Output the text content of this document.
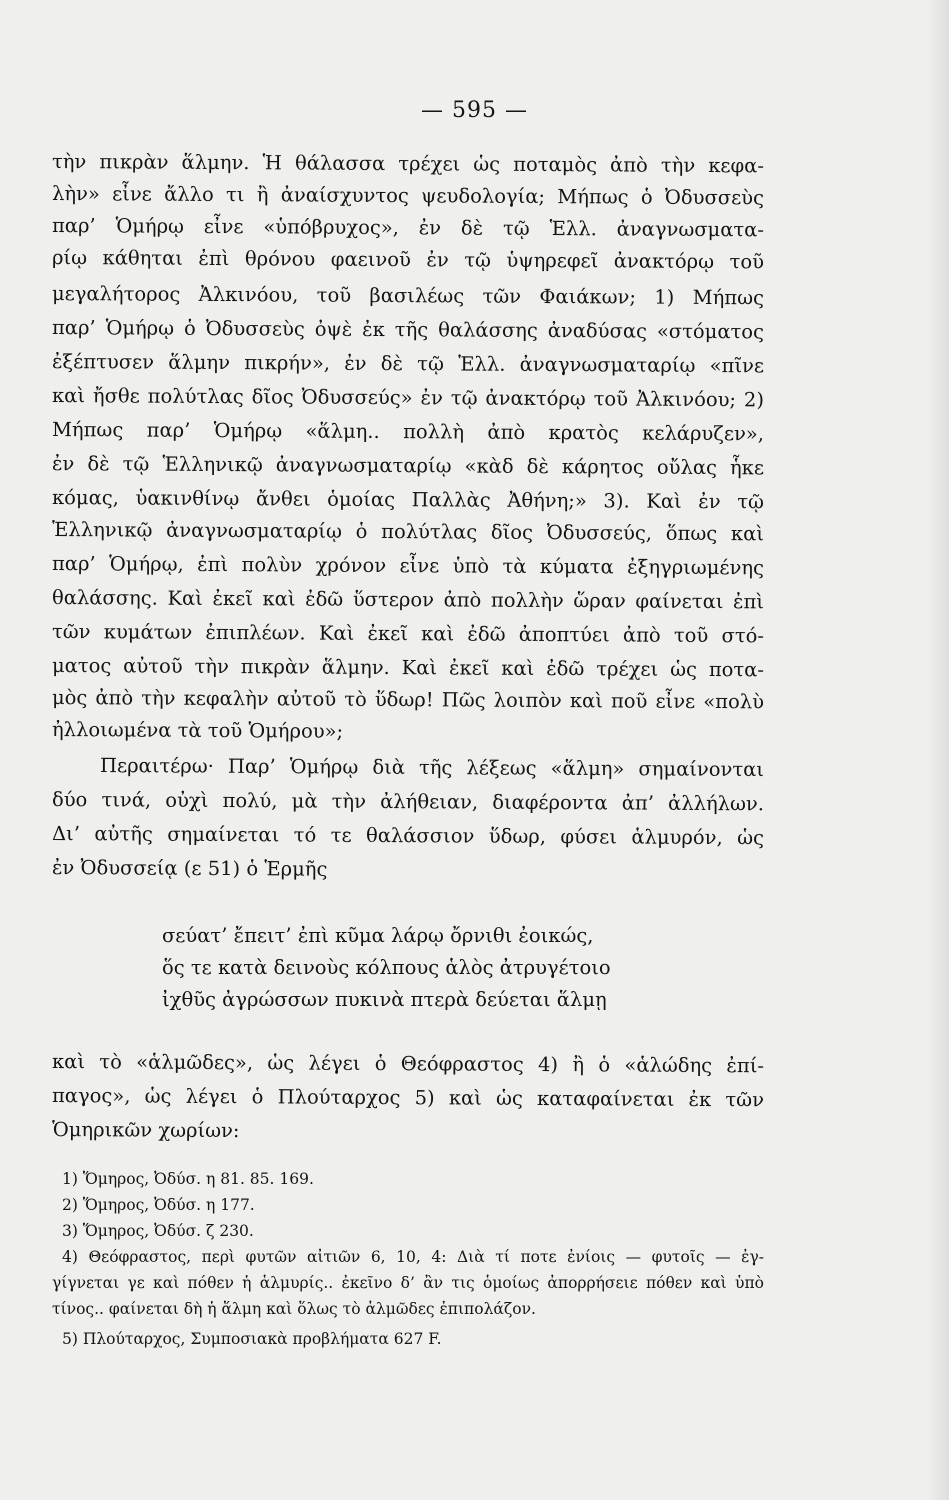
— 595 —
τὴν πικρὰν ἅλμην. Ἡ θάλασσα τρέχει ὡς ποταμὸς ἀπὸ τὴν κεφα-
λὴν» εἶνε ἄλλο τι ἢ ἀναίσχυντος ψευδολογία; Μήπως ὁ Ὀδυσσεὺς
παρ’ Ὁμήρῳ εἶνε «ὑπόβρυχος», ἐν δὲ τῷ Ἑλλ. ἀναγνωσματα-
ρίῳ κάθηται ἐπὶ θρόνου φαεινοῦ ἐν τῷ ὑψηρεφεῖ ἀνακτόρῳ τοῦ
μεγαλήτορος Ἀλκινόου, τοῦ βασιλέως τῶν Φαιάκων; 1) Μήπως
παρ’ Ὁμήρῳ ὁ Ὀδυσσεὺς ὀψὲ ἐκ τῆς θαλάσσης ἀναδύσας «στόματος
ἐξέπτυσεν ἅλμην πικρήν», ἐν δὲ τῷ Ἑλλ. ἀναγνωσματαρίῳ «πῖνε
καὶ ἤσθε πολύτλας δῖος Ὀδυσσεύς» ἐν τῷ ἀνακτόρῳ τοῦ Ἀλκινόου; 2)
Μήπως παρ’ Ὁμήρῳ «ἅλμη.. πολλὴ ἀπὸ κρατὸς κελάρυζεν»,
ἐν δὲ τῷ Ἑλληνικῷ ἀναγνωσματαρίῳ «κὰδ δὲ κάρητος οὔλας ἧκε
κόμας, ὑακινθίνῳ ἄνθει ὁμοίας Παλλὰς Ἀθήνη;» 3). Καὶ ἐν τῷ
Ἑλληνικῷ ἀναγνωσματαρίῳ ὁ πολύτλας δῖος Ὀδυσσεύς, ὅπως καὶ
παρ’ Ὁμήρῳ, ἐπὶ πολὺν χρόνον εἶνε ὑπὸ τὰ κύματα ἐξηγριωμένης
θαλάσσης. Καὶ ἐκεῖ καὶ ἐδῶ ὕστερον ἀπὸ πολλὴν ὥραν φαίνεται ἐπὶ
τῶν κυμάτων ἐπιπλέων. Καὶ ἐκεῖ καὶ ἐδῶ ἀποπτύει ἀπὸ τοῦ στό-
ματος αὐτοῦ τὴν πικρὰν ἅλμην. Καὶ ἐκεῖ καὶ ἐδῶ τρέχει ὡς ποτα-
μὸς ἀπὸ τὴν κεφαλὴν αὐτοῦ τὸ ὕδωρ! Πῶς λοιπὸν καὶ ποῦ εἶνε «πολὺ
ἠλλοιωμένα τὰ τοῦ Ὁμήρου»;
Περαιτέρω· Παρ’ Ὁμήρῳ διὰ τῆς λέξεως «ἅλμη» σημαίνονται
δύο τινά, οὐχὶ πολύ, μὰ τὴν ἀλήθειαν, διαφέροντα ἀπ’ ἀλλήλων.
Δι’ αὐτῆς σημαίνεται τό τε θαλάσσιον ὕδωρ, φύσει ἁλμυρόν, ὡς
ἐν Ὀδυσσείᾳ (ε 51) ὁ Ἑρμῆς
σεύατ’ ἔπειτ’ ἐπὶ κῦμα λάρῳ ὄρνιθι ἐοικώς,
ὅς τε κατὰ δεινοὺς κόλπους ἁλὸς ἀτρυγέτοιο
ἰχθῦς ἀγρώσσων πυκινὰ πτερὰ δεύεται ἅλμῃ
καὶ τὸ «ἁλμῶδες», ὡς λέγει ὁ Θεόφραστος 4) ἢ ὁ «ἁλώδης ἐπί-
παγος», ὡς λέγει ὁ Πλούταρχος 5) καὶ ὡς καταφαίνεται ἐκ τῶν
Ὁμηρικῶν χωρίων:
1) Ὅμηρος, Ὀδύσ. η 81. 85. 169.
2) Ὅμηρος, Ὀδύσ. η 177.
3) Ὅμηρος, Ὀδύσ. ζ 230.
4) Θεόφραστος, περὶ φυτῶν αἰτιῶν 6, 10, 4: Διὰ τί ποτε ἐνίοις — φυτοῖς — ἐγ-
γίγνεται γε καὶ πόθεν ἡ ἁλμυρίς.. ἐκεῖνο δ’ ἂν τις ὁμοίως ἀπορρήσειε πόθεν καὶ ὑπὸ
τίνος.. φαίνεται δὴ ἡ ἅλμη καὶ ὅλως τὸ ἁλμῶδες ἐπιπολάζον.
5) Πλούταρχος, Συμποσιακὰ προβλήματα 627 F.
